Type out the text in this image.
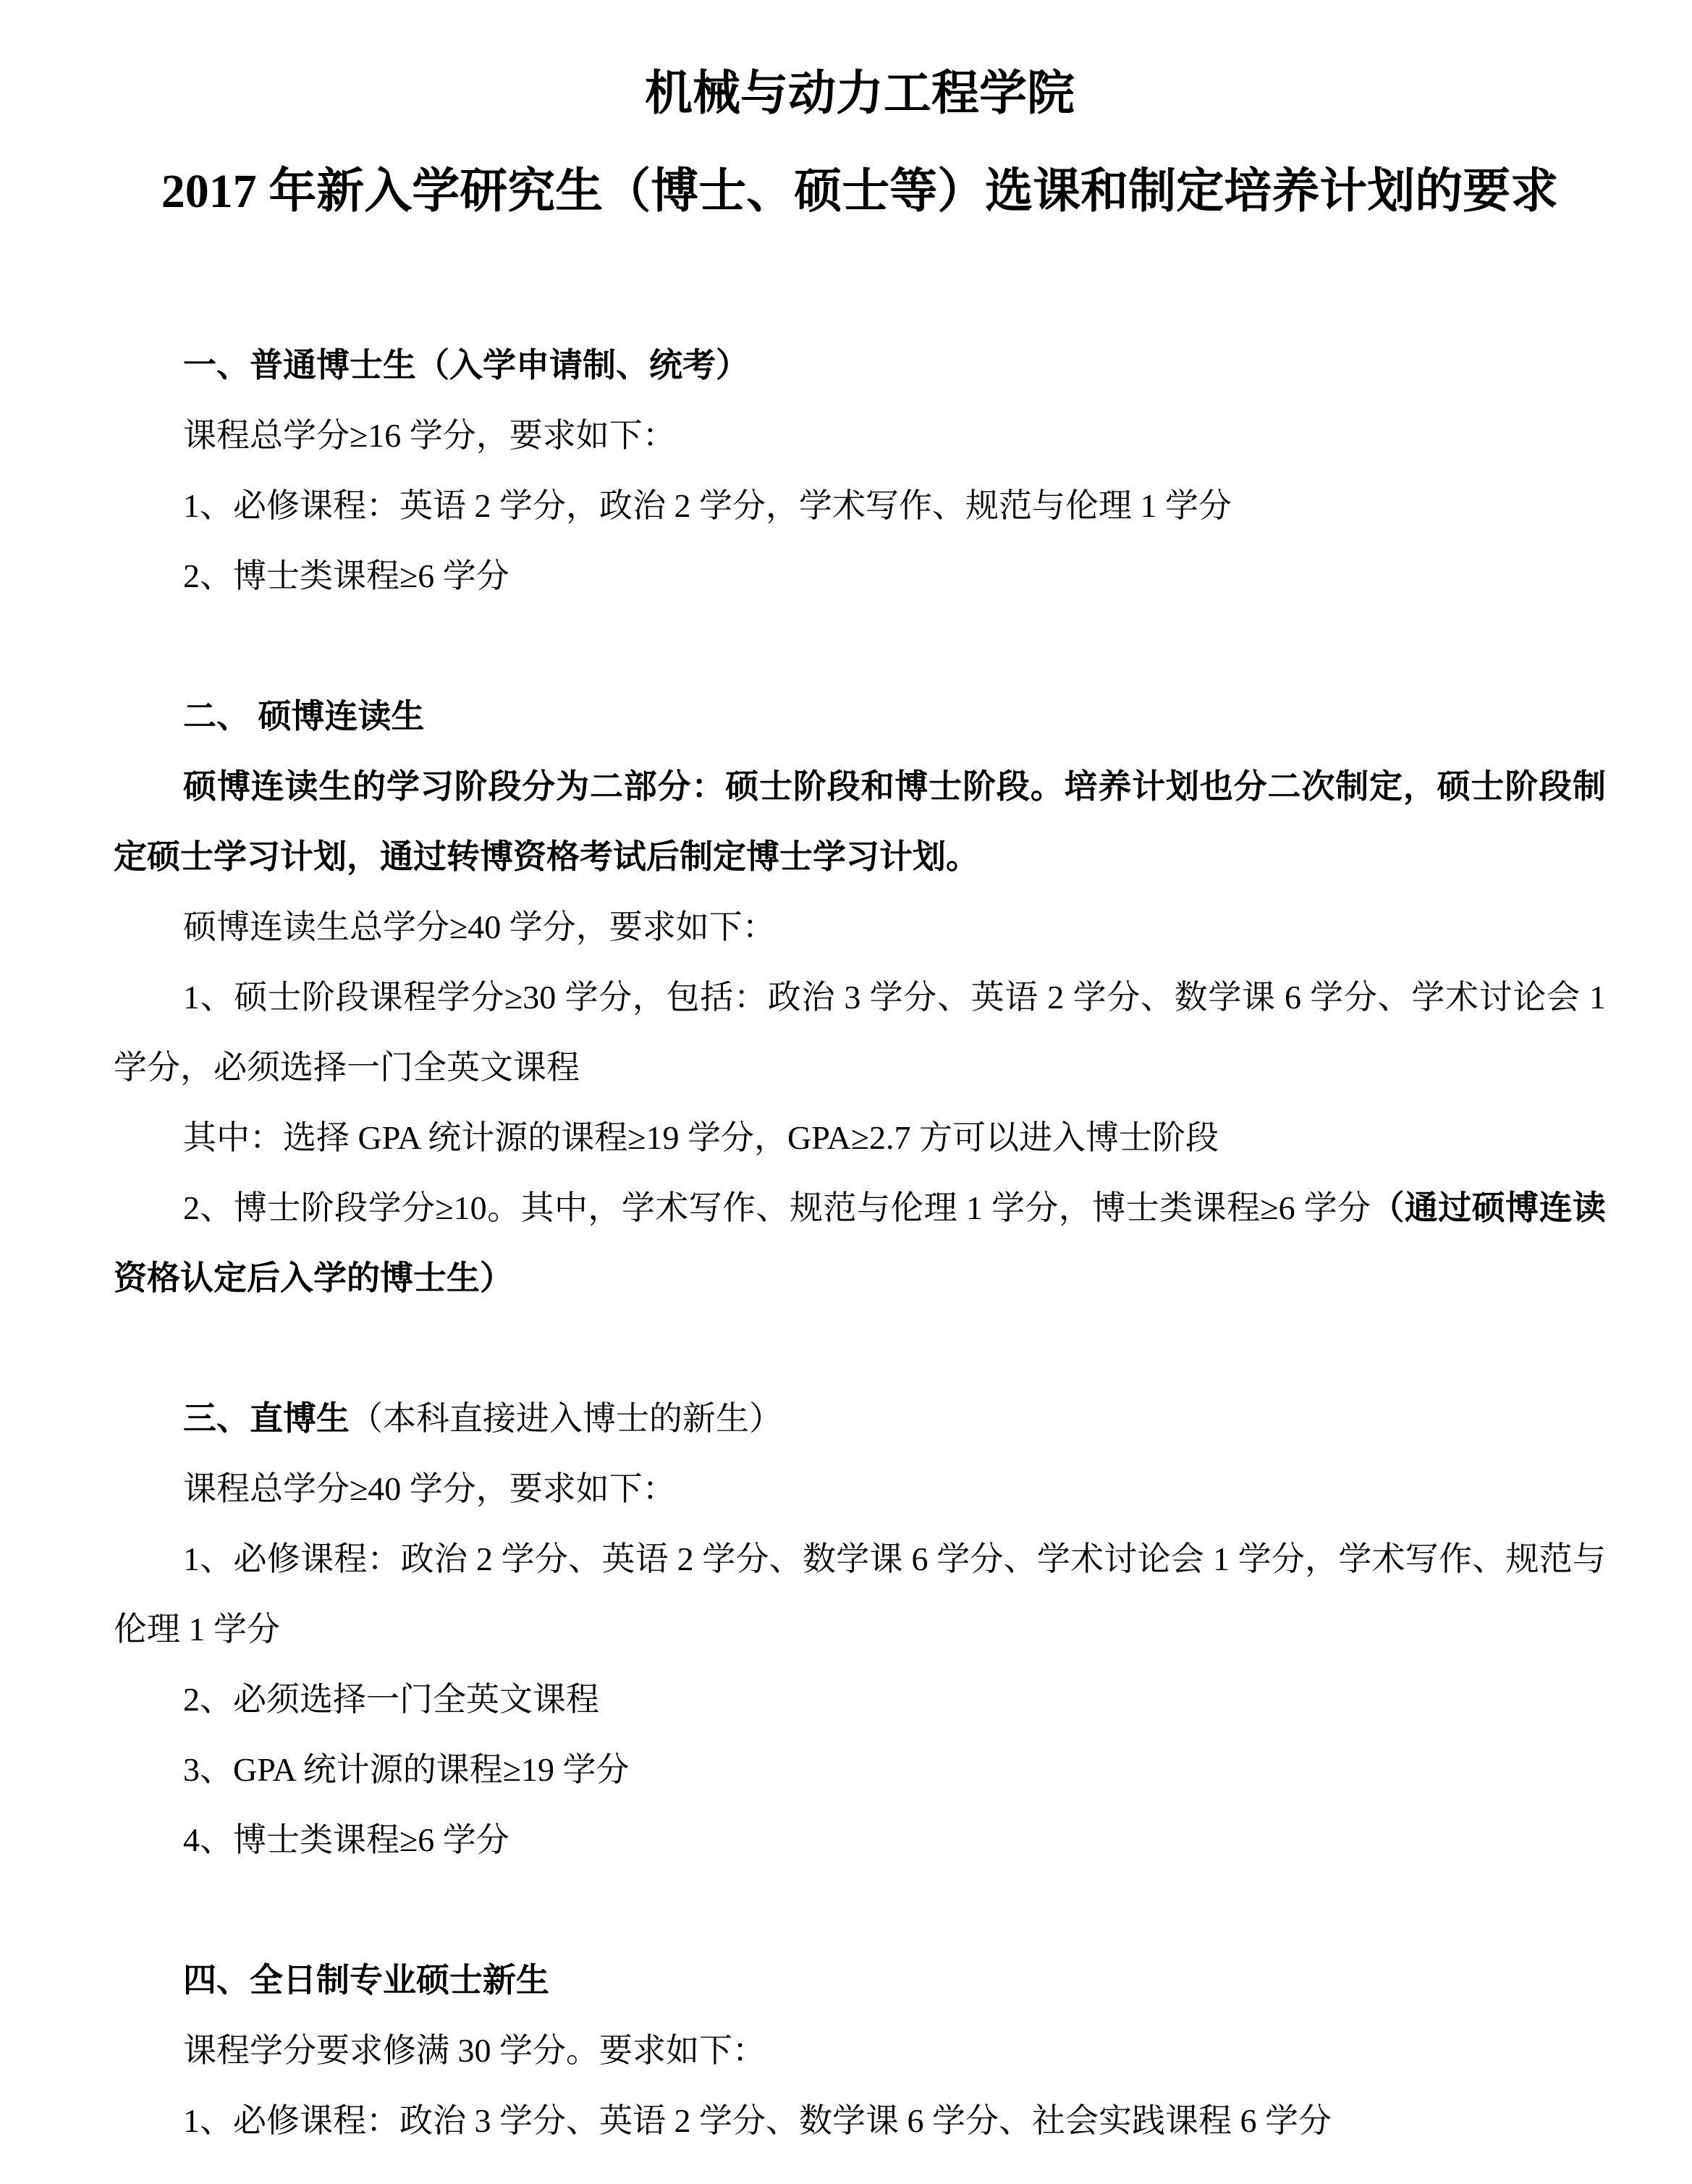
机械与动力工程学院
2017 年新入学研究生（博士、硕士等）选课和制定培养计划的要求

一、普通博士生（入学申请制、统考）

课程总学分≥16 学分，要求如下：

1、必修课程：英语 2 学分，政治 2 学分，学术写作、规范与伦理 1 学分

2、博士类课程≥6 学分

二、 硕博连读生

硕博连读生的学习阶段分为二部分：硕士阶段和博士阶段。培养计划也分二次制定，硕士阶段制定硕士学习计划，通过转博资格考试后制定博士学习计划。

硕博连读生总学分≥40 学分，要求如下：

1、硕士阶段课程学分≥30 学分，包括：政治 3 学分、英语 2 学分、数学课 6 学分、学术讨论会 1 学分，必须选择一门全英文课程

其中：选择 GPA 统计源的课程≥19 学分，GPA≥2.7 方可以进入博士阶段

2、博士阶段学分≥10。其中，学术写作、规范与伦理 1 学分，博士类课程≥6 学分（通过硕博连读资格认定后入学的博士生）

三、直博生（本科直接进入博士的新生）

课程总学分≥40 学分，要求如下：

1、必修课程：政治 2 学分、英语 2 学分、数学课 6 学分、学术讨论会 1 学分，学术写作、规范与伦理 1 学分

2、必须选择一门全英文课程

3、GPA 统计源的课程≥19 学分

4、博士类课程≥6 学分

四、全日制专业硕士新生

课程学分要求修满 30 学分。要求如下：

1、必修课程：政治 3 学分、英语 2 学分、数学课 6 学分、社会实践课程 6 学分
